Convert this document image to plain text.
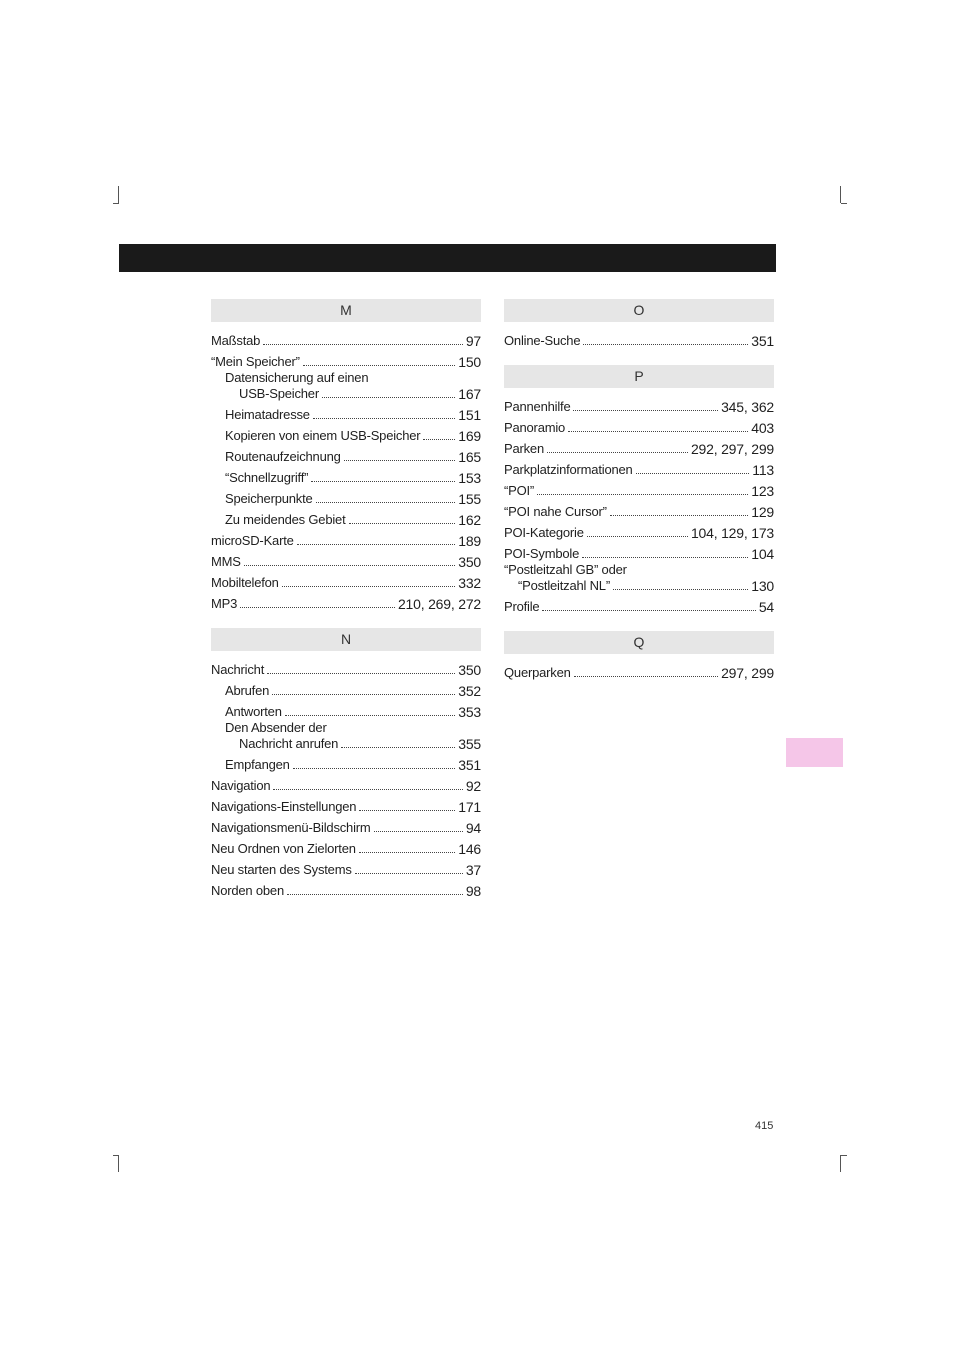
M
Maßstab	97
“Mein Speicher”	150
Datensicherung auf einen
USB-Speicher	167
Heimatadresse	151
Kopieren von einem USB-Speicher	169
Routenaufzeichnung	165
“Schnellzugriff”	153
Speicherpunkte	155
Zu meidendes Gebiet	162
microSD-Karte	189
MMS	350
Mobiltelefon	332
MP3	210, 269, 272
N
Nachricht	350
Abrufen	352
Antworten	353
Den Absender der
Nachricht anrufen	355
Empfangen	351
Navigation	92
Navigations-Einstellungen	171
Navigationsmenü-Bildschirm	94
Neu Ordnen von Zielorten	146
Neu starten des Systems	37
Norden oben	98
O
Online-Suche	351
P
Pannenhilfe	345, 362
Panoramio	403
Parken	292, 297, 299
Parkplatzinformationen	113
“POI”	123
“POI nahe Cursor”	129
POI-Kategorie	104, 129, 173
POI-Symbole	104
“Postleitzahl GB” oder
“Postleitzahl NL”	130
Profile	54
Q
Querparken	297, 299
415
